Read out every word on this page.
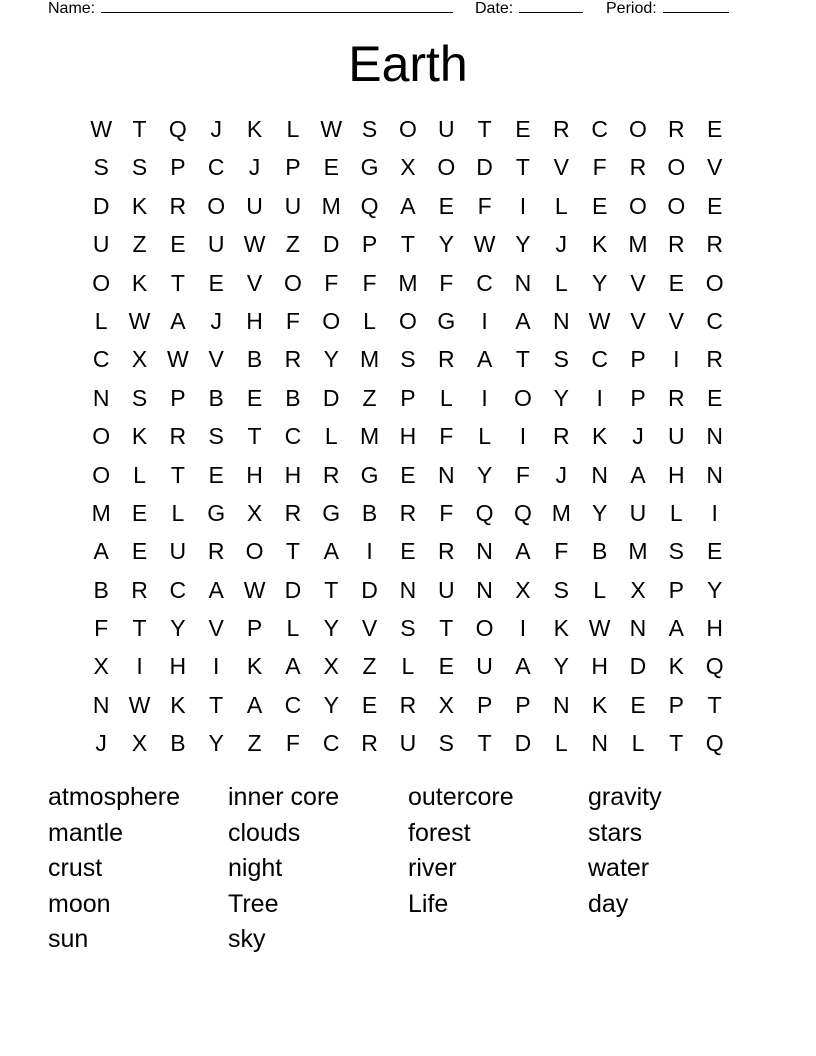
Name:	Date:	Period:
Earth
W T Q	J	K	L W S O U	T	E R C O R E
S	S	P C	J	P	E G X O D	T	V	F	R O V
D K R O U U M Q A	E	F	I	L	E O O E
U	Z	E U W Z	D P	T	Y W Y	J	K M R R
O K	T	E	V O F	F M F	C N	L	Y	V	E O
L W A	J	H	F O	L	O G	I	A N W V	V C
C X W V	B R Y M S R A	T	S C P	I	R
N S	P	B	E	B D	Z	P	L	I	O Y	I	P R E
O K R S	T	C	L M H	F	L	I	R K	J	U N
O	L	T	E H H R G E N Y	F	J	N A H N
M E	L	G X R G B R	F Q Q M Y U	L	I
A	E U R O T	A	I	E R N A	F	B M S	E
B R C A W D	T	D N U N X	S	L	X	P	Y
F	T	Y	V	P	L	Y	V	S	T O	I	K W N A H
X	I	H	I	K	A	X	Z	L	E U A	Y H D K Q
N W K	T	A C Y	E R X	P	P N K	E	P	T
J	X	B	Y	Z	F	C R U S	T	D	L	N	L	T Q
atmosphere	inner core	outercore	gravity
mantle	clouds	forest	stars
crust	night	river	water
moon	Tree	Life	day
sun	sky
